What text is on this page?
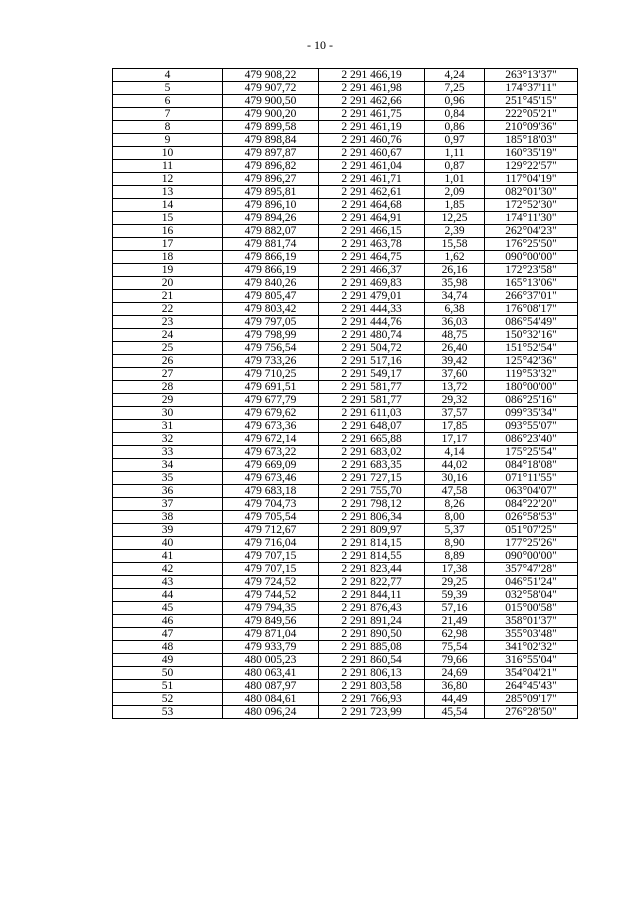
- 10 -
4	479 908,22	2 291 466,19	4,24	263°13'37"
5	479 907,72	2 291 461,98	7,25	174°37'11"
6	479 900,50	2 291 462,66	0,96	251°45'15"
7	479 900,20	2 291 461,75	0,84	222°05'21"
8	479 899,58	2 291 461,19	0,86	210°09'36"
9	479 898,84	2 291 460,76	0,97	185°18'03"
10	479 897,87	2 291 460,67	1,11	160°35'19"
11	479 896,82	2 291 461,04	0,87	129°22'57"
12	479 896,27	2 291 461,71	1,01	117°04'19"
13	479 895,81	2 291 462,61	2,09	082°01'30"
14	479 896,10	2 291 464,68	1,85	172°52'30"
15	479 894,26	2 291 464,91	12,25	174°11'30"
16	479 882,07	2 291 466,15	2,39	262°04'23"
17	479 881,74	2 291 463,78	15,58	176°25'50"
18	479 866,19	2 291 464,75	1,62	090°00'00"
19	479 866,19	2 291 466,37	26,16	172°23'58"
20	479 840,26	2 291 469,83	35,98	165°13'06"
21	479 805,47	2 291 479,01	34,74	266°37'01"
22	479 803,42	2 291 444,33	6,38	176°08'17"
23	479 797,05	2 291 444,76	36,03	086°54'49"
24	479 798,99	2 291 480,74	48,75	150°32'16"
25	479 756,54	2 291 504,72	26,40	151°52'54"
26	479 733,26	2 291 517,16	39,42	125°42'36"
27	479 710,25	2 291 549,17	37,60	119°53'32"
28	479 691,51	2 291 581,77	13,72	180°00'00"
29	479 677,79	2 291 581,77	29,32	086°25'16"
30	479 679,62	2 291 611,03	37,57	099°35'34"
31	479 673,36	2 291 648,07	17,85	093°55'07"
32	479 672,14	2 291 665,88	17,17	086°23'40"
33	479 673,22	2 291 683,02	4,14	175°25'54"
34	479 669,09	2 291 683,35	44,02	084°18'08"
35	479 673,46	2 291 727,15	30,16	071°11'55"
36	479 683,18	2 291 755,70	47,58	063°04'07"
37	479 704,73	2 291 798,12	8,26	084°22'20"
38	479 705,54	2 291 806,34	8,00	026°58'53"
39	479 712,67	2 291 809,97	5,37	051°07'25"
40	479 716,04	2 291 814,15	8,90	177°25'26"
41	479 707,15	2 291 814,55	8,89	090°00'00"
42	479 707,15	2 291 823,44	17,38	357°47'28"
43	479 724,52	2 291 822,77	29,25	046°51'24"
44	479 744,52	2 291 844,11	59,39	032°58'04"
45	479 794,35	2 291 876,43	57,16	015°00'58"
46	479 849,56	2 291 891,24	21,49	358°01'37"
47	479 871,04	2 291 890,50	62,98	355°03'48"
48	479 933,79	2 291 885,08	75,54	341°02'32"
49	480 005,23	2 291 860,54	79,66	316°55'04"
50	480 063,41	2 291 806,13	24,69	354°04'21"
51	480 087,97	2 291 803,58	36,80	264°45'43"
52	480 084,61	2 291 766,93	44,49	285°09'17"
53	480 096,24	2 291 723,99	45,54	276°28'50"
